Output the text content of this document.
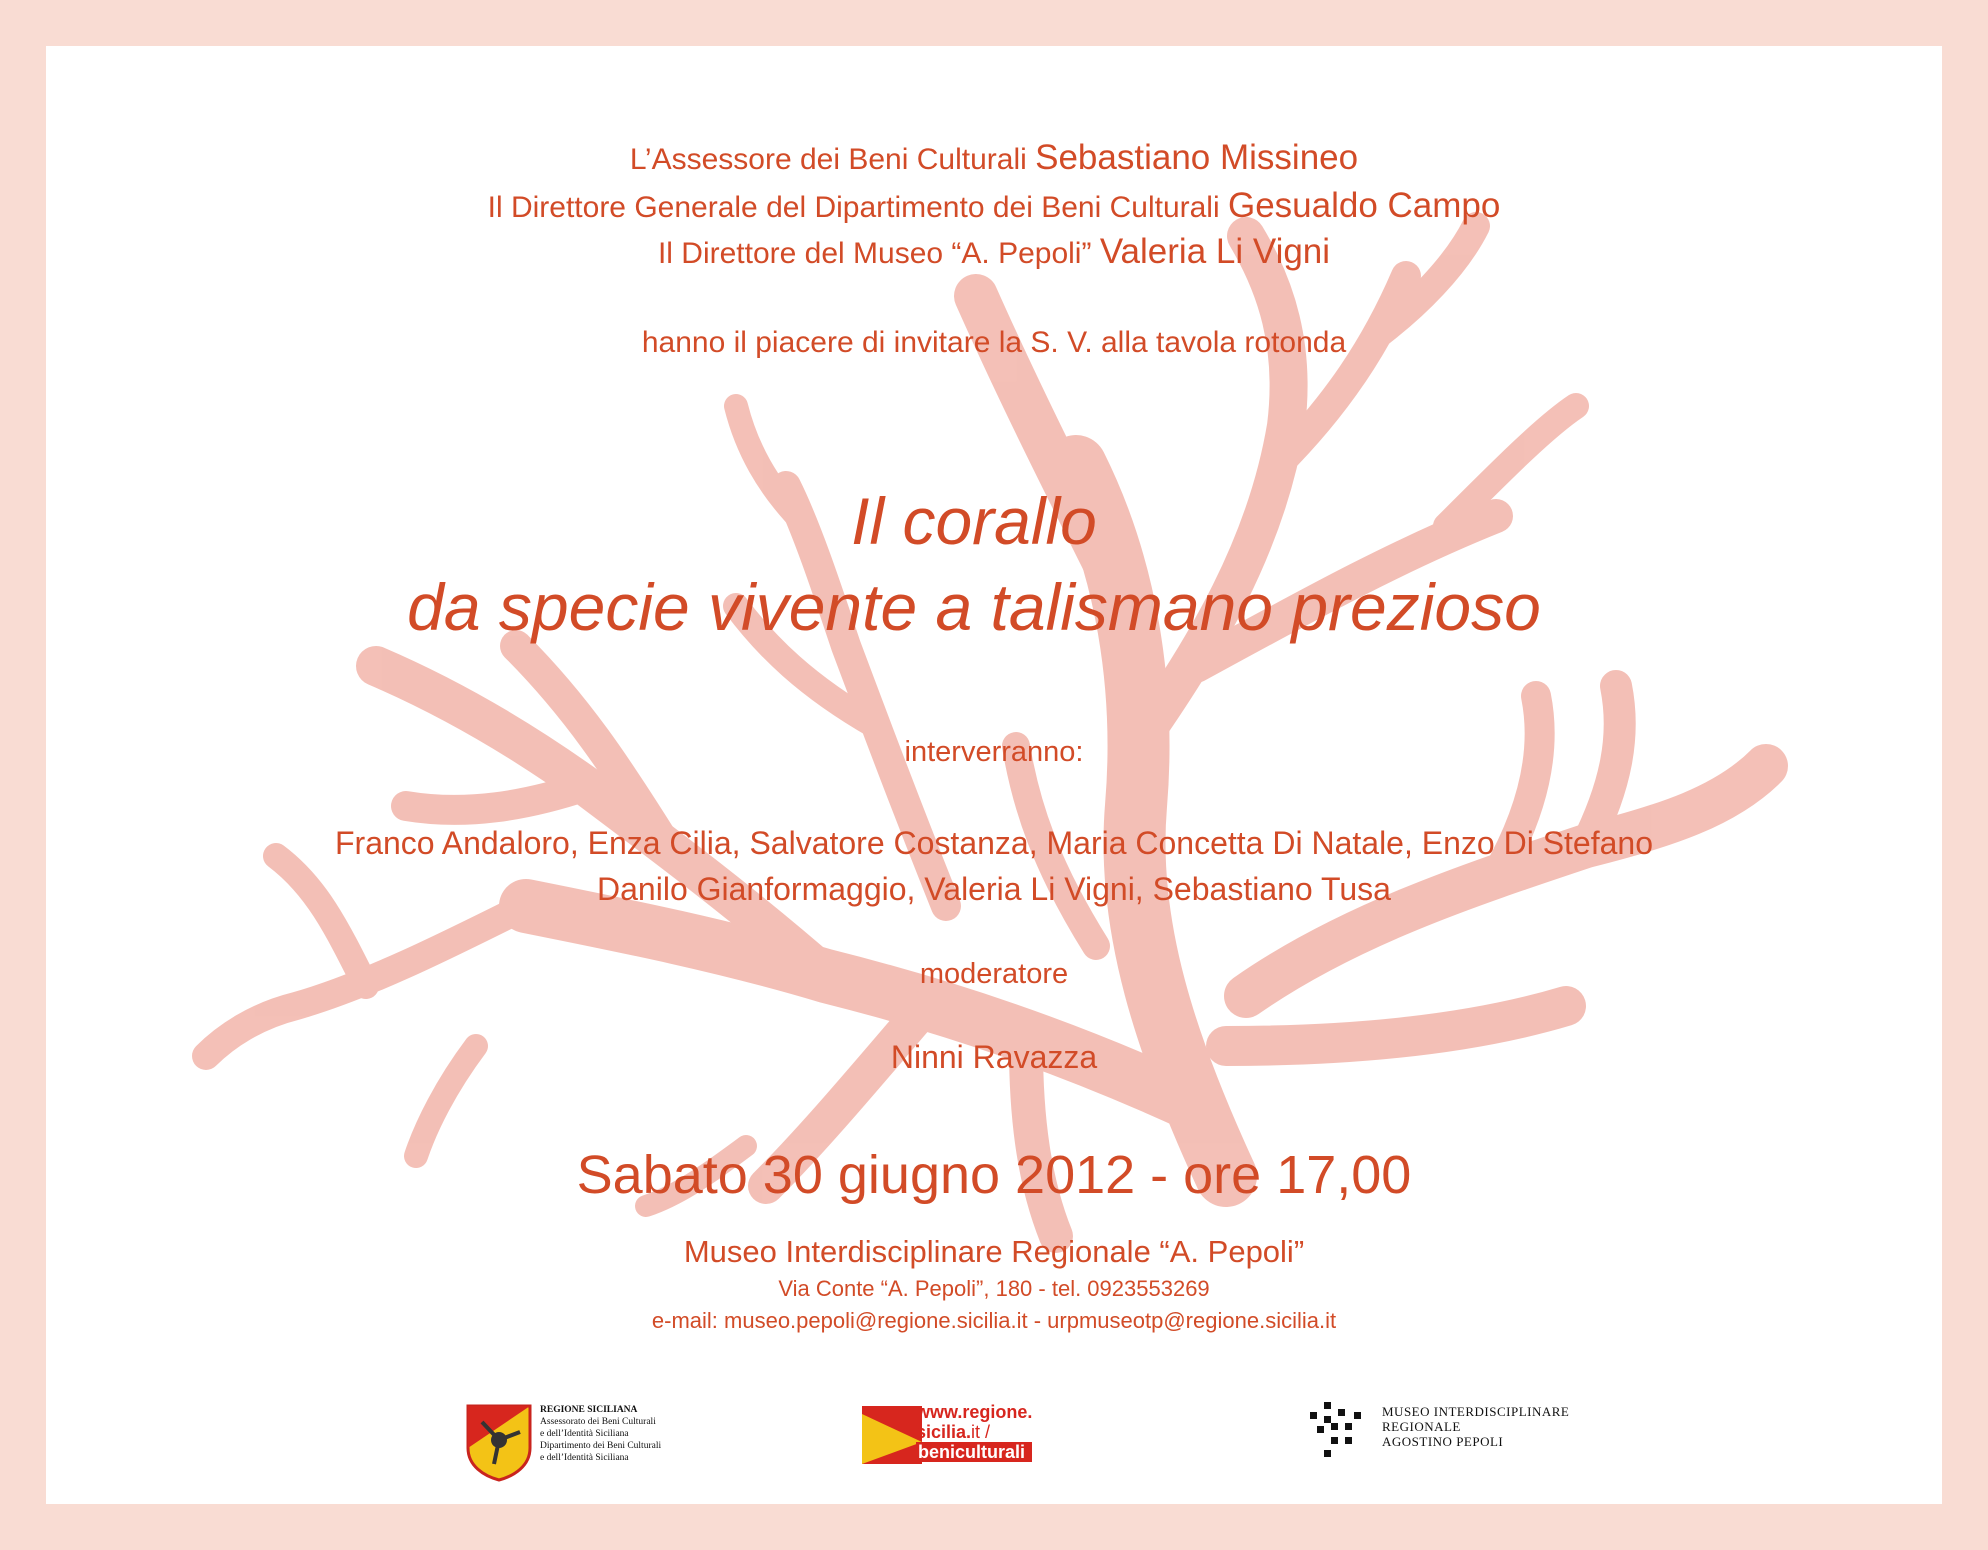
L’Assessore dei Beni Culturali Sebastiano Missineo
Il Direttore Generale del Dipartimento dei Beni Culturali Gesualdo Campo
Il Direttore del Museo “A. Pepoli” Valeria Li Vigni
hanno il piacere di invitare la S. V. alla tavola rotonda
Il corallo
da specie vivente a talismano prezioso
interverranno:
Franco Andaloro, Enza Cilia, Salvatore Costanza, Maria Concetta Di Natale, Enzo Di Stefano
Danilo Gianformaggio, Valeria Li Vigni, Sebastiano Tusa
moderatore
Ninni Ravazza
Sabato 30 giugno 2012 - ore 17,00
Museo Interdisciplinare Regionale “A. Pepoli”
Via Conte “A. Pepoli”, 180 - tel. 0923553269
e-mail: museo.pepoli@regione.sicilia.it - urpmuseotp@regione.sicilia.it
REGIONE SICILIANA
Assessorato dei Beni Culturali
e dell’Identità Siciliana
Dipartimento dei Beni Culturali
e dell’Identità Siciliana
www.regione.
sicilia.it /
beniculturali
MUSEO INTERDISCIPLINARE
REGIONALE
AGOSTINO PEPOLI
